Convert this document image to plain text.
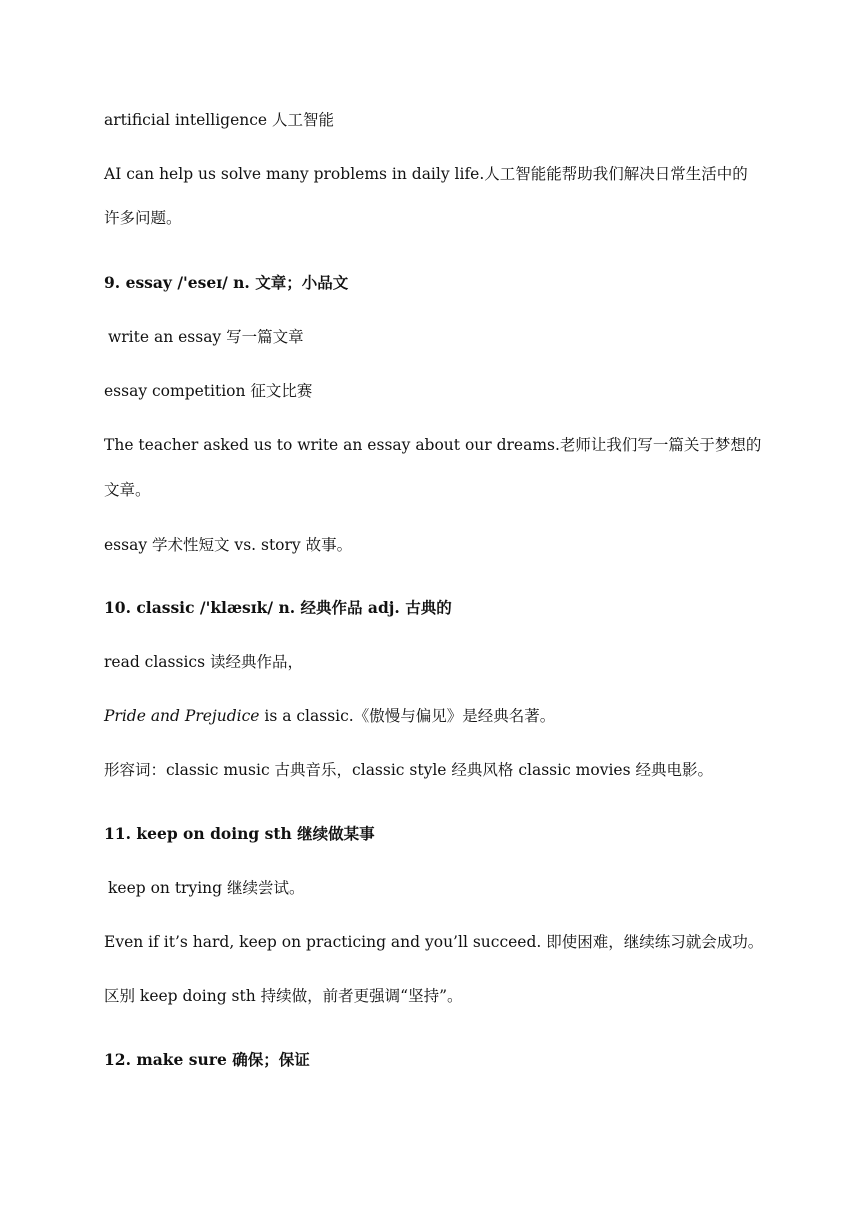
artificial intelligence 人工智能
AI can help us solve many problems in daily life.人工智能能帮助我们解决日常生活中的
许多问题。
9. essay /'eseɪ/ n. 文章；小品文
write an essay 写一篇文章
essay competition 征文比赛
The teacher asked us to write an essay about our dreams.老师让我们写一篇关于梦想的
文章。
essay 学术性短文 vs. story 故事。
10. classic /'klæsɪk/ n. 经典作品 adj. 古典的
read classics 读经典作品，
Pride and Prejudice is a classic.《傲慢与偏见》是经典名著。
形容词：classic music 古典音乐，classic style 经典风格 classic movies 经典电影。
11. keep on doing sth 继续做某事
keep on trying 继续尝试。
Even if it’s hard, keep on practicing and you’ll succeed. 即使困难，继续练习就会成功。
区别 keep doing sth 持续做，前者更强调“坚持”。
12. make sure 确保；保证
